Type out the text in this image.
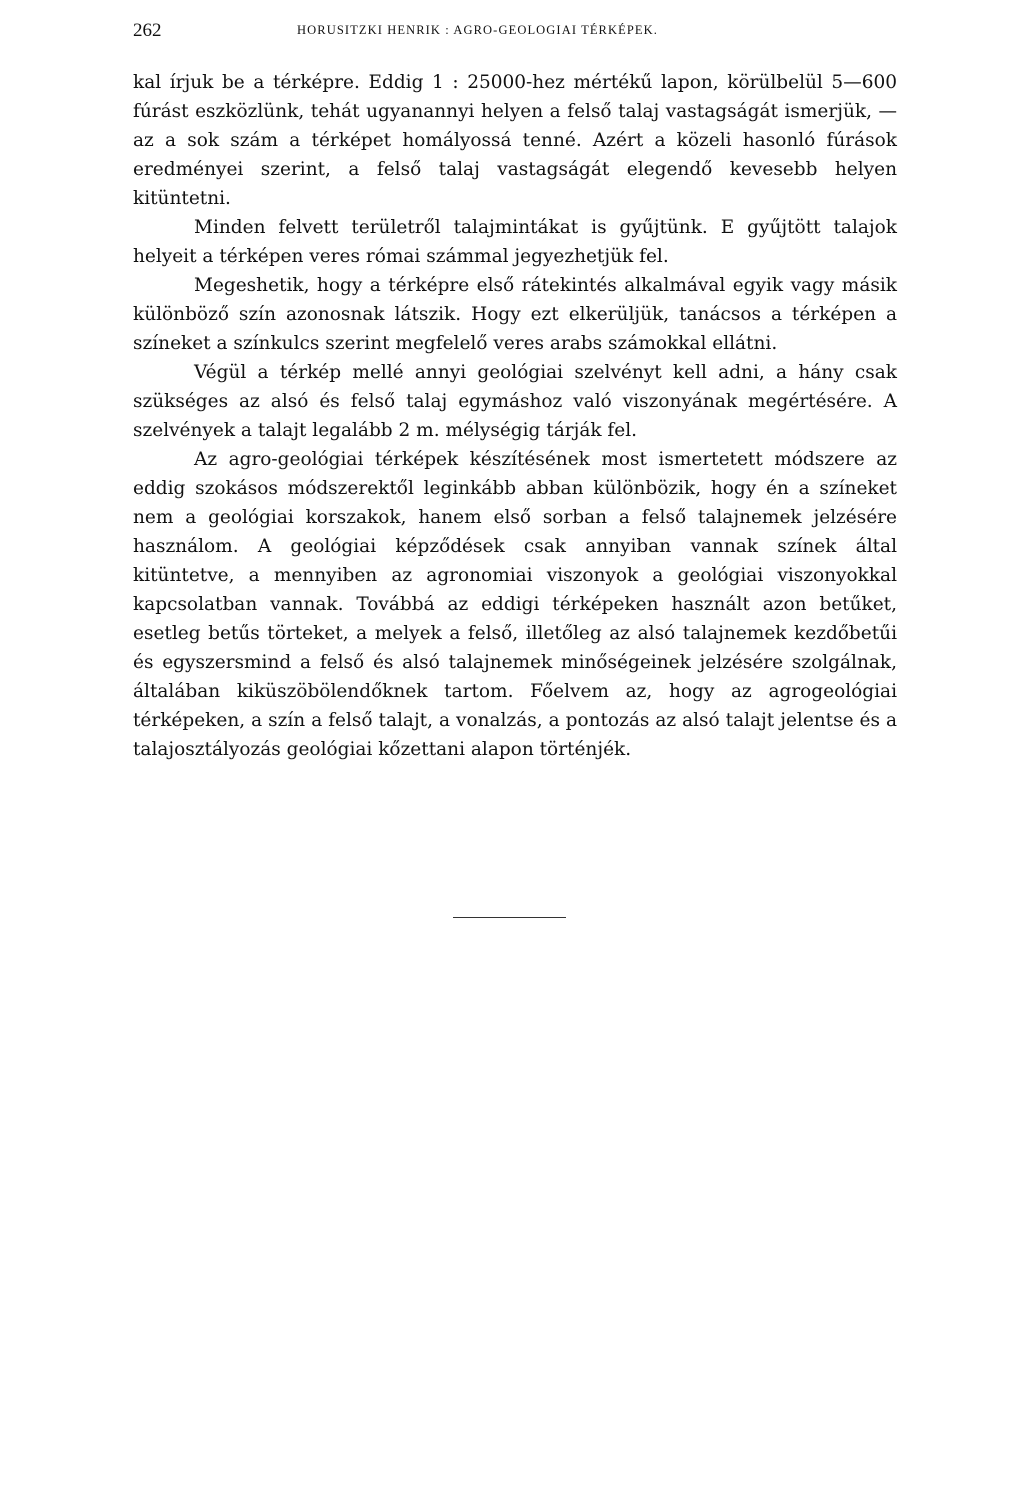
262	HORUSITZKI HENRIK : AGRO-GEOLOGIAI TÉRKÉPEK.

kal írjuk be a térképre. Eddig 1 : 25000-hez mértékű lapon, körülbelül 5—600 fúrást eszközlünk, tehát ugyanannyi helyen a felső talaj vastagságát ismerjük, — az a sok szám a térképet homályossá tenné. Azért a közeli hasonló fúrások eredményei szerint, a felső talaj vastagságát elegendő kevesebb helyen kitüntetni.

Minden felvett területről talajmintákat is gyűjtünk. E gyűjtött talajok helyeit a térképen veres római számmal jegyezhetjük fel.

Megeshetik, hogy a térképre első rátekintés alkalmával egyik vagy másik különböző szín azonosnak látszik. Hogy ezt elkerüljük, tanácsos a térképen a színeket a színkulcs szerint megfelelő veres arabs számokkal ellátni.

Végül a térkép mellé annyi geológiai szelvényt kell adni, a hány csak szükséges az alsó és felső talaj egymáshoz való viszonyának megértésére. A szelvények a talajt legalább 2 m. mélységig tárják fel.

Az agro-geológiai térképek készítésének most ismertetett módszere az eddig szokásos módszerektől leginkább abban különbözik, hogy én a színeket nem a geológiai korszakok, hanem első sorban a felső talajnemek jelzésére használom. A geológiai képződések csak annyiban vannak színek által kitüntetve, a mennyiben az agronomiai viszonyok a geológiai viszonyokkal kapcsolatban vannak. Továbbá az eddigi térképeken használt azon betűket, esetleg betűs törteket, a melyek a felső, illetőleg az alsó talajnemek kezdőbetűi és egyszersmind a felső és alsó talajnemek minőségeinek jelzésére szolgálnak, általában kiküszöbölendőknek tartom. Főelvem az, hogy az agrogeológiai térképeken, a szín a felső talajt, a vonalzás, a pontozás az alsó talajt jelentse és a talajosztályozás geológiai kőzettani alapon történjék.
